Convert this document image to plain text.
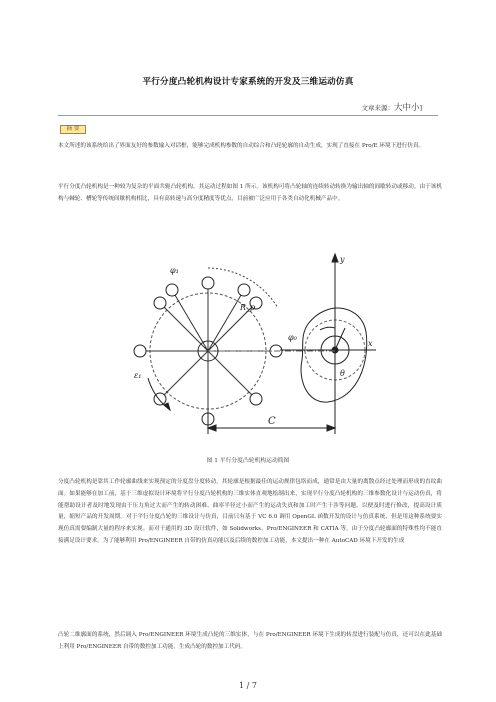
平行分度凸轮机构设计专家系统的开发及三维运动仿真
文章来源：大中小]
摘 要

本文所述的该系统给出了界面友好的参数输入对话框，能够完成机构参数的自动综合和凸轮轮廓的自动生成，实现了直接在 Pro/E 环境下进行仿真。

平行分度凸轮机构是一种较为复杂的平面共轭凸轮机构，其运动过程如图 1 所示。该机构可将凸轮轴的连续转动转换为输出轴的间歇转动或移动。由于该机构与棘轮、槽轮等传统间歇机构相比，具有高转速与高分度精度等优点，目前被广泛应用于各类自动化机械产品中。

φ₁
ε₁
R_p
θ
y
C
φ₀
x
图 1 平行分度凸轮机构运动简图

分度凸轮机构是靠其工作轮廓曲线来实现预定的分度盘分度转动，其轮廓是根据最佳的运动规律包络而成，通常是由大量的离散点经过处理而形成的直纹曲面。如果能够在加工前，基于三维虚拟设计环境将平行分度凸轮机构的三维实体直观地绘制出来，实现平行分度凸轮机构的三维参数化设计与运动仿真，将能帮助设计者及时地发现由于压力角过大而产生的转动困难、曲率半径过小而产生的运动失真和加工时产生干涉等问题，以便及时进行修改，提高设计质量，缩短产品的开发周期。对于平行分度凸轮的三维设计与仿真，目前只有基于 VC 6.0 调用 OpenGL 函数开发的设计与仿真系统，但是用这种系统要实现仿真需要编制大量的程序来实现。而对于通用的 3D 设计软件，如 Solidworks、Pro/ENGINEER 和 CATIA 等，由于分度凸轮廓面的特殊性均不能直接满足设计要求。为了能够利用 Pro/ENGINEER 自带的仿真功能以及后续的数控加工功能，本文提出一种在 AutoCAD 环境下开发的生成

凸轮二维廓面的系统，然后调入 Pro/ENGINEER 环境生成凸轮的三维实体，与在 Pro/ENGINEER 环境下生成的转盘进行装配与仿真，还可以在此基础上利用 Pro/ENGINEER 自带的数控加工功能，生成凸轮的数控加工代码。

1 / 7
